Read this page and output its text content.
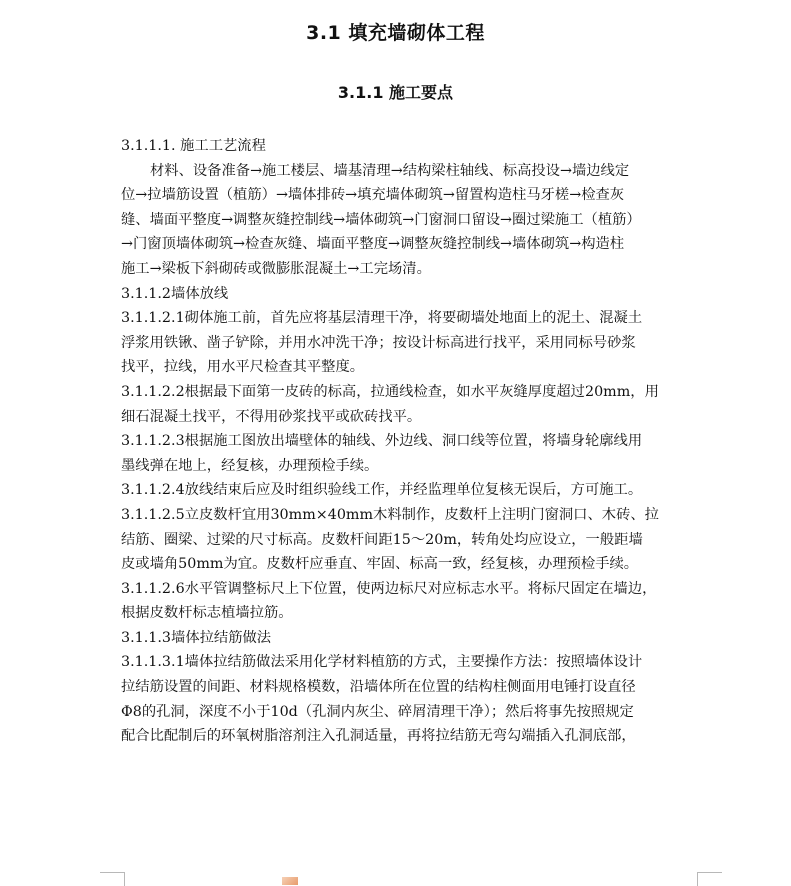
3.1 填充墙砌体工程
3.1.1 施工要点

3.1.1.1. 施工工艺流程

材料、设备准备→施工楼层、墙基清理→结构梁柱轴线、标高投设→墙边线定

位→拉墙筋设置（植筋）→墙体排砖→填充墙体砌筑→留置构造柱马牙槎→检查灰

缝、墙面平整度→调整灰缝控制线→墙体砌筑→门窗洞口留设→圈过梁施工（植筋）

→门窗顶墙体砌筑→检查灰缝、墙面平整度→调整灰缝控制线→墙体砌筑→构造柱

施工→梁板下斜砌砖或微膨胀混凝土→工完场清。

3.1.1.2墙体放线

3.1.1.2.1砌体施工前，首先应将基层清理干净，将要砌墙处地面上的泥土、混凝土

浮浆用铁锹、凿子铲除，并用水冲洗干净；按设计标高进行找平，采用同标号砂浆

找平，拉线，用水平尺检查其平整度。

3.1.1.2.2根据最下面第一皮砖的标高，拉通线检查，如水平灰缝厚度超过20mm，用

细石混凝土找平，不得用砂浆找平或砍砖找平。

3.1.1.2.3根据施工图放出墙壁体的轴线、外边线、洞口线等位置，将墙身轮廓线用

墨线弹在地上，经复核，办理预检手续。

3.1.1.2.4放线结束后应及时组织验线工作，并经监理单位复核无误后，方可施工。

3.1.1.2.5立皮数杆宜用30mm×40mm木料制作，皮数杆上注明门窗洞口、木砖、拉

结筋、圈梁、过梁的尺寸标高。皮数杆间距15～20m，转角处均应设立，一般距墙

皮或墙角50mm为宜。皮数杆应垂直、牢固、标高一致，经复核，办理预检手续。

3.1.1.2.6水平管调整标尺上下位置，使两边标尺对应标志水平。将标尺固定在墙边，

根据皮数杆标志植墙拉筋。

3.1.1.3墙体拉结筋做法

3.1.1.3.1墙体拉结筋做法采用化学材料植筋的方式，主要操作方法：按照墙体设计

拉结筋设置的间距、材料规格模数，沿墙体所在位置的结构柱侧面用电锤打设直径

Φ8的孔洞，深度不小于10d（孔洞内灰尘、碎屑清理干净）；然后将事先按照规定

配合比配制后的环氧树脂溶剂注入孔洞适量，再将拉结筋无弯勾端插入孔洞底部，
